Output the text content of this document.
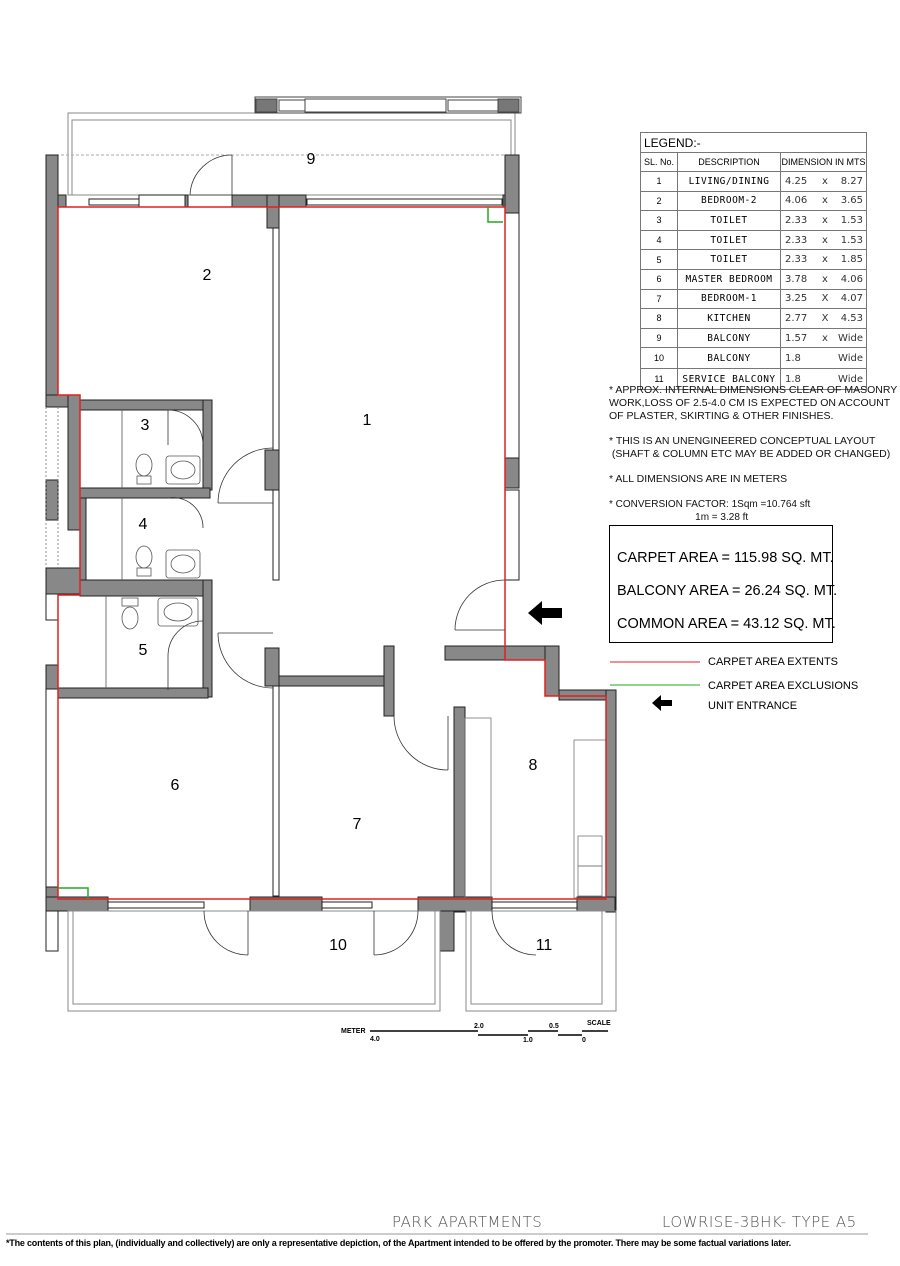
1
2
3
4
5
6
7
8
9
10	11
LEGEND:-		
SL. No.	DESCRIPTION	DIMENSION IN MTS
1	LIVING/DINING	4.25 x 8.27
2	BEDROOM-2	4.06 x 3.65
3	TOILET	2.33 x 1.53
4	TOILET	2.33 x 1.53
5	TOILET	2.33 x 1.85
6	MASTER BEDROOM	3.78 x 4.06
7	BEDROOM-1	3.25 X 4.07
8	KITCHEN	2.77 X 4.53
9	BALCONY	1.57 x Wide
10	BALCONY	1.8 Wide
11	SERVICE BALCONY	1.8 Wide
* APPROX. INTERNAL DIMENSIONS CLEAR OF MASONRY
WORK,LOSS OF 2.5-4.0 CM IS EXPECTED ON ACCOUNT
OF PLASTER, SKIRTING & OTHER FINISHES.
* THIS IS AN UNENGINEERED CONCEPTUAL LAYOUT
(SHAFT & COLUMN ETC MAY BE ADDED OR CHANGED)
* ALL DIMENSIONS ARE IN METERS
* CONVERSION FACTOR: 1Sqm =10.764 sft
1m = 3.28 ft
CARPET AREA = 115.98 SQ. MT.
BALCONY AREA = 26.24 SQ. MT.
COMMON AREA = 43.12 SQ. MT.
CARPET AREA EXTENTS
CARPET AREA EXCLUSIONS
UNIT ENTRANCE
METER
SCALE
4.0
2.0
1.0
0.5
0
PARK APARTMENTS	LOWRISE-3BHK- TYPE A5
*The contents of this plan, (individually and collectively) are only a representative depiction, of the Apartment intended to be offered by the promoter. There may be some factual variations later.
